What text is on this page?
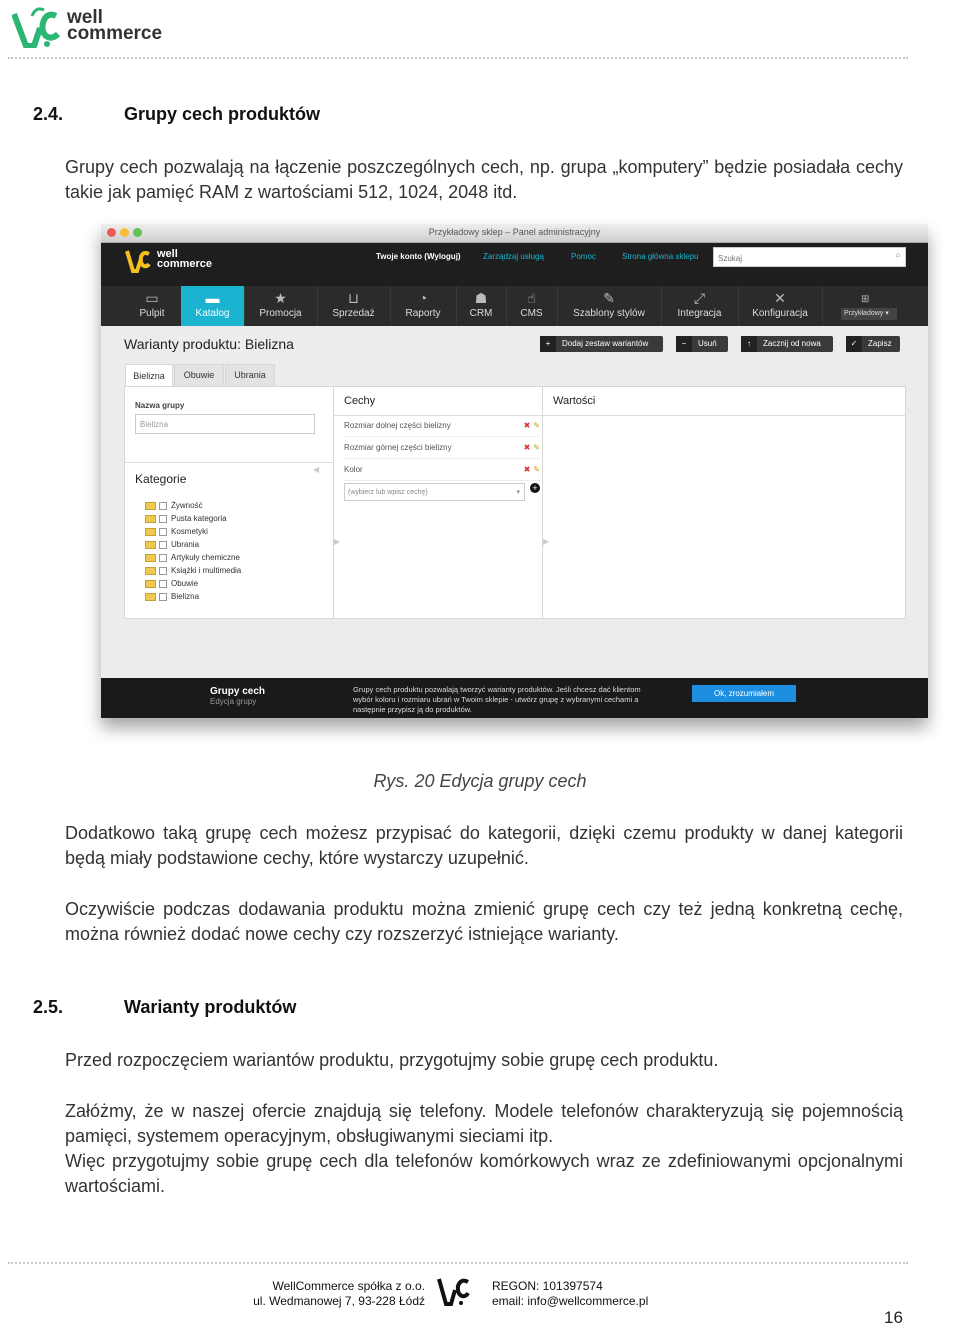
well
commerce
2.4.	Grupy cech produktów

Grupy cech pozwalają na łączenie poszczególnych cech, np. grupa „komputery” będzie posiadała cechy takie jak pamięć RAM z wartościami 512, 1024, 2048 itd.

Przykładowy sklep – Panel administracyjny
well
commerce
Twoje konto (Wyloguj)	Zarządzaj usługą	Pomoc	Strona główna sklepu
Szukaj	⌕
▭
Pulpit
▬
Katalog
★
Promocja
⊔
Sprzedaż
◔
Raporty
☗
CRM
☝
CMS
✎
Szablony stylów
⤢
Integracja
✕
Konfiguracja
⊞
Przykładowy ▾
Warianty produktu: Bielizna	+ Dodaj zestaw wariantów	− Usuń	↑ Zacznij od nowa	✓ Zapisz
Bielizna	Obuwie	Ubrania
Nazwa grupy
Bielizna
Kategorie
◀
Żywność
Pusta kategoria
Kosmetyki
Ubrania
Artykuły chemiczne
Książki i multimedia
Obuwie
Bielizna
Cechy
Rozmiar dolnej części bielizny	✎
✖
Rozmiar górnej części bielizny	✎
✖
Kolor	✎
✖
(wybierz lub wpisz cechę)	▾ +
▶
Wartości
▶
Grupy cech
Edycja grupy
Grupy cech produktu pozwalają tworzyć warianty produktów. Jeśli chcesz dać klientom
wybór koloru i rozmiaru ubrań w Twoim sklepie - utwórz grupę z wybranymi cechami a
następnie przypisz ją do produktów.
Ok, zrozumiałem
Rys. 20 Edycja grupy cech

Dodatkowo taką grupę cech możesz przypisać do kategorii, dzięki czemu produkty w danej kategorii będą miały podstawione cechy, które wystarczy uzupełnić.

Oczywiście podczas dodawania produktu można zmienić grupę cech czy też jedną konkretną cechę, można również dodać nowe cechy czy rozszerzyć istniejące warianty.

2.5.	Warianty produktów

Przed rozpoczęciem wariantów produktu, przygotujmy sobie grupę cech produktu.

Załóżmy, że w naszej ofercie znajdują się telefony. Modele telefonów charakteryzują się pojemnością pamięci, systemem operacyjnym, obsługiwanymi sieciami itp.

Więc przygotujmy sobie grupę cech dla telefonów komórkowych wraz ze zdefiniowanymi opcjonalnymi wartościami.

WellCommerce spółka z o.o.
ul. Wedmanowej 7, 93-228 Łódź
REGON: 101397574
email: info@wellcommerce.pl
16
